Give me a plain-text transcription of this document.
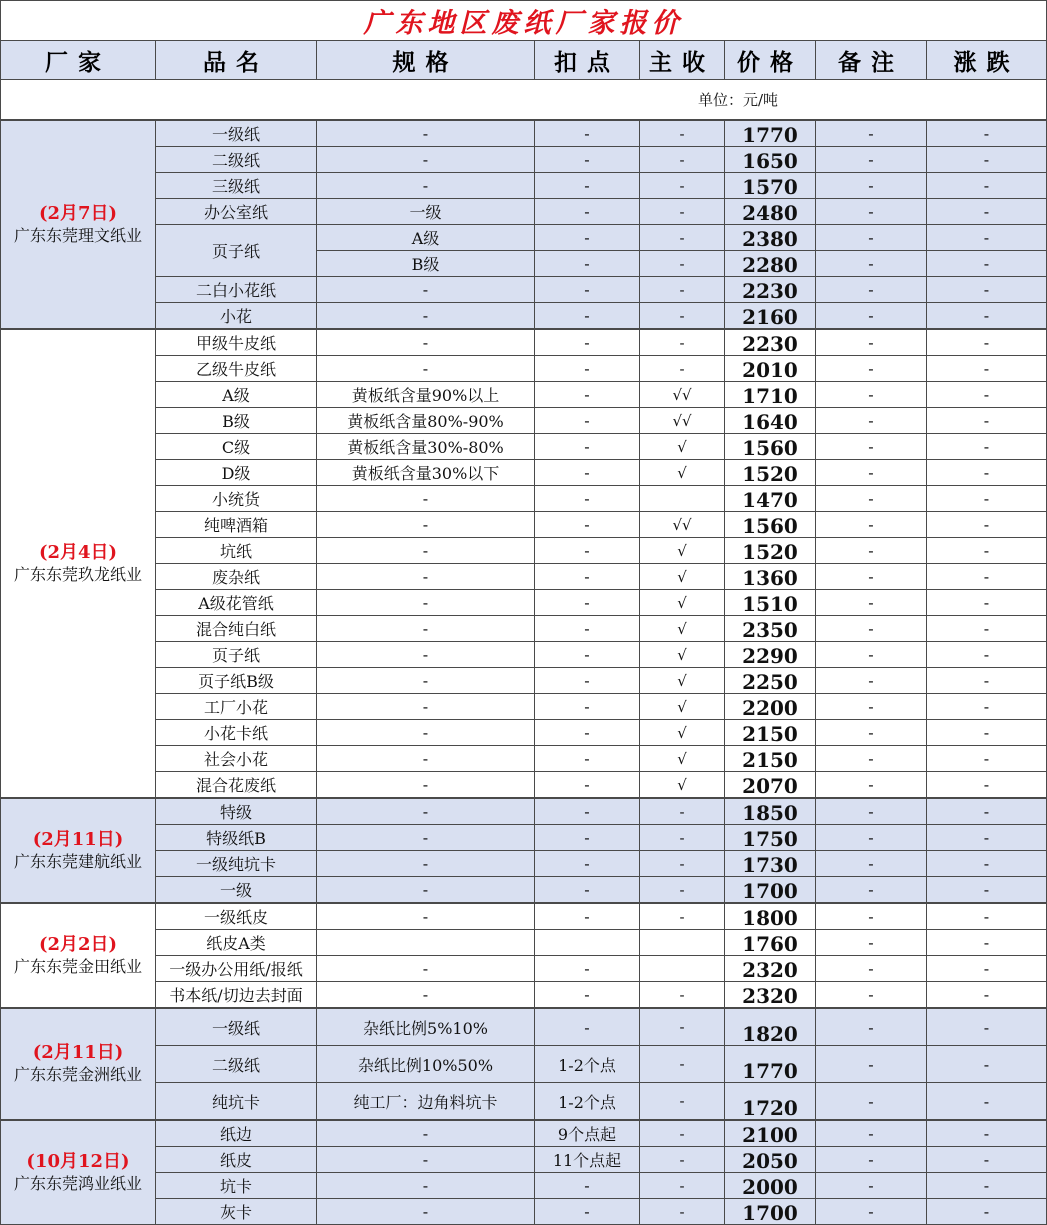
广东地区废纸厂家报价							
厂家	品名	规格	扣点	主收	价格	备注	涨跌
单位：元/吨							

(2月7日)
广东东莞理文纸业	一级纸	-	-	-	1770	-	-
	二级纸	-	-	-	1650	-	-
	三级纸	-	-	-	1570	-	-
	办公室纸	一级	-	-	2480	-	-
	页子纸	A级	-	-	2380	-	-
		B级	-	-	2280	-	-
	二白小花纸	-	-	-	2230	-	-
	小花	-	-	-	2160	-	-

(2月4日)
广东东莞玖龙纸业	甲级牛皮纸	-	-	-	2230	-	-
	乙级牛皮纸	-	-	-	2010	-	-
	A级	黄板纸含量90%以上	-	√√	1710	-	-
	B级	黄板纸含量80%-90%	-	√√	1640	-	-
	C级	黄板纸含量30%-80%	-	√	1560	-	-
	D级	黄板纸含量30%以下	-	√	1520	-	-
	小统货	-	-		1470	-	-
	纯啤酒箱	-	-	√√	1560	-	-
	坑纸	-	-	√	1520	-	-
	废杂纸	-	-	√	1360	-	-
	A级花管纸	-	-	√	1510	-	-
	混合纯白纸	-	-	√	2350	-	-
	页子纸	-	-	√	2290	-	-
	页子纸B级	-	-	√	2250	-	-
	工厂小花	-	-	√	2200	-	-
	小花卡纸	-	-	√	2150	-	-
	社会小花	-	-	√	2150	-	-
	混合花废纸	-	-	√	2070	-	-

(2月11日)
广东东莞建航纸业	特级	-	-	-	1850	-	-
	特级纸B	-	-	-	1750	-	-
	一级纯坑卡	-	-	-	1730	-	-
	一级	-	-	-	1700	-	-

(2月2日)
广东东莞金田纸业	一级纸皮	-	-	-	1800	-	-
	纸皮A类				1760	-	-
	一级办公用纸/报纸	-	-		2320	-	-
	书本纸/切边去封面	-	-	-	2320	-	-

(2月11日)
广东东莞金洲纸业	一级纸	杂纸比例5%10%	-	-	1820	-	-
	二级纸	杂纸比例10%50%	1-2个点	-	1770	-	-
	纯坑卡	纯工厂：边角料坑卡	1-2个点	-	1720	-	-

(10月12日)
广东东莞鸿业纸业	纸边	-	9个点起	-	2100	-	-
	纸皮	-	11个点起	-	2050	-	-
	坑卡	-	-	-	2000	-	-
	灰卡	-	-	-	1700	-	-
